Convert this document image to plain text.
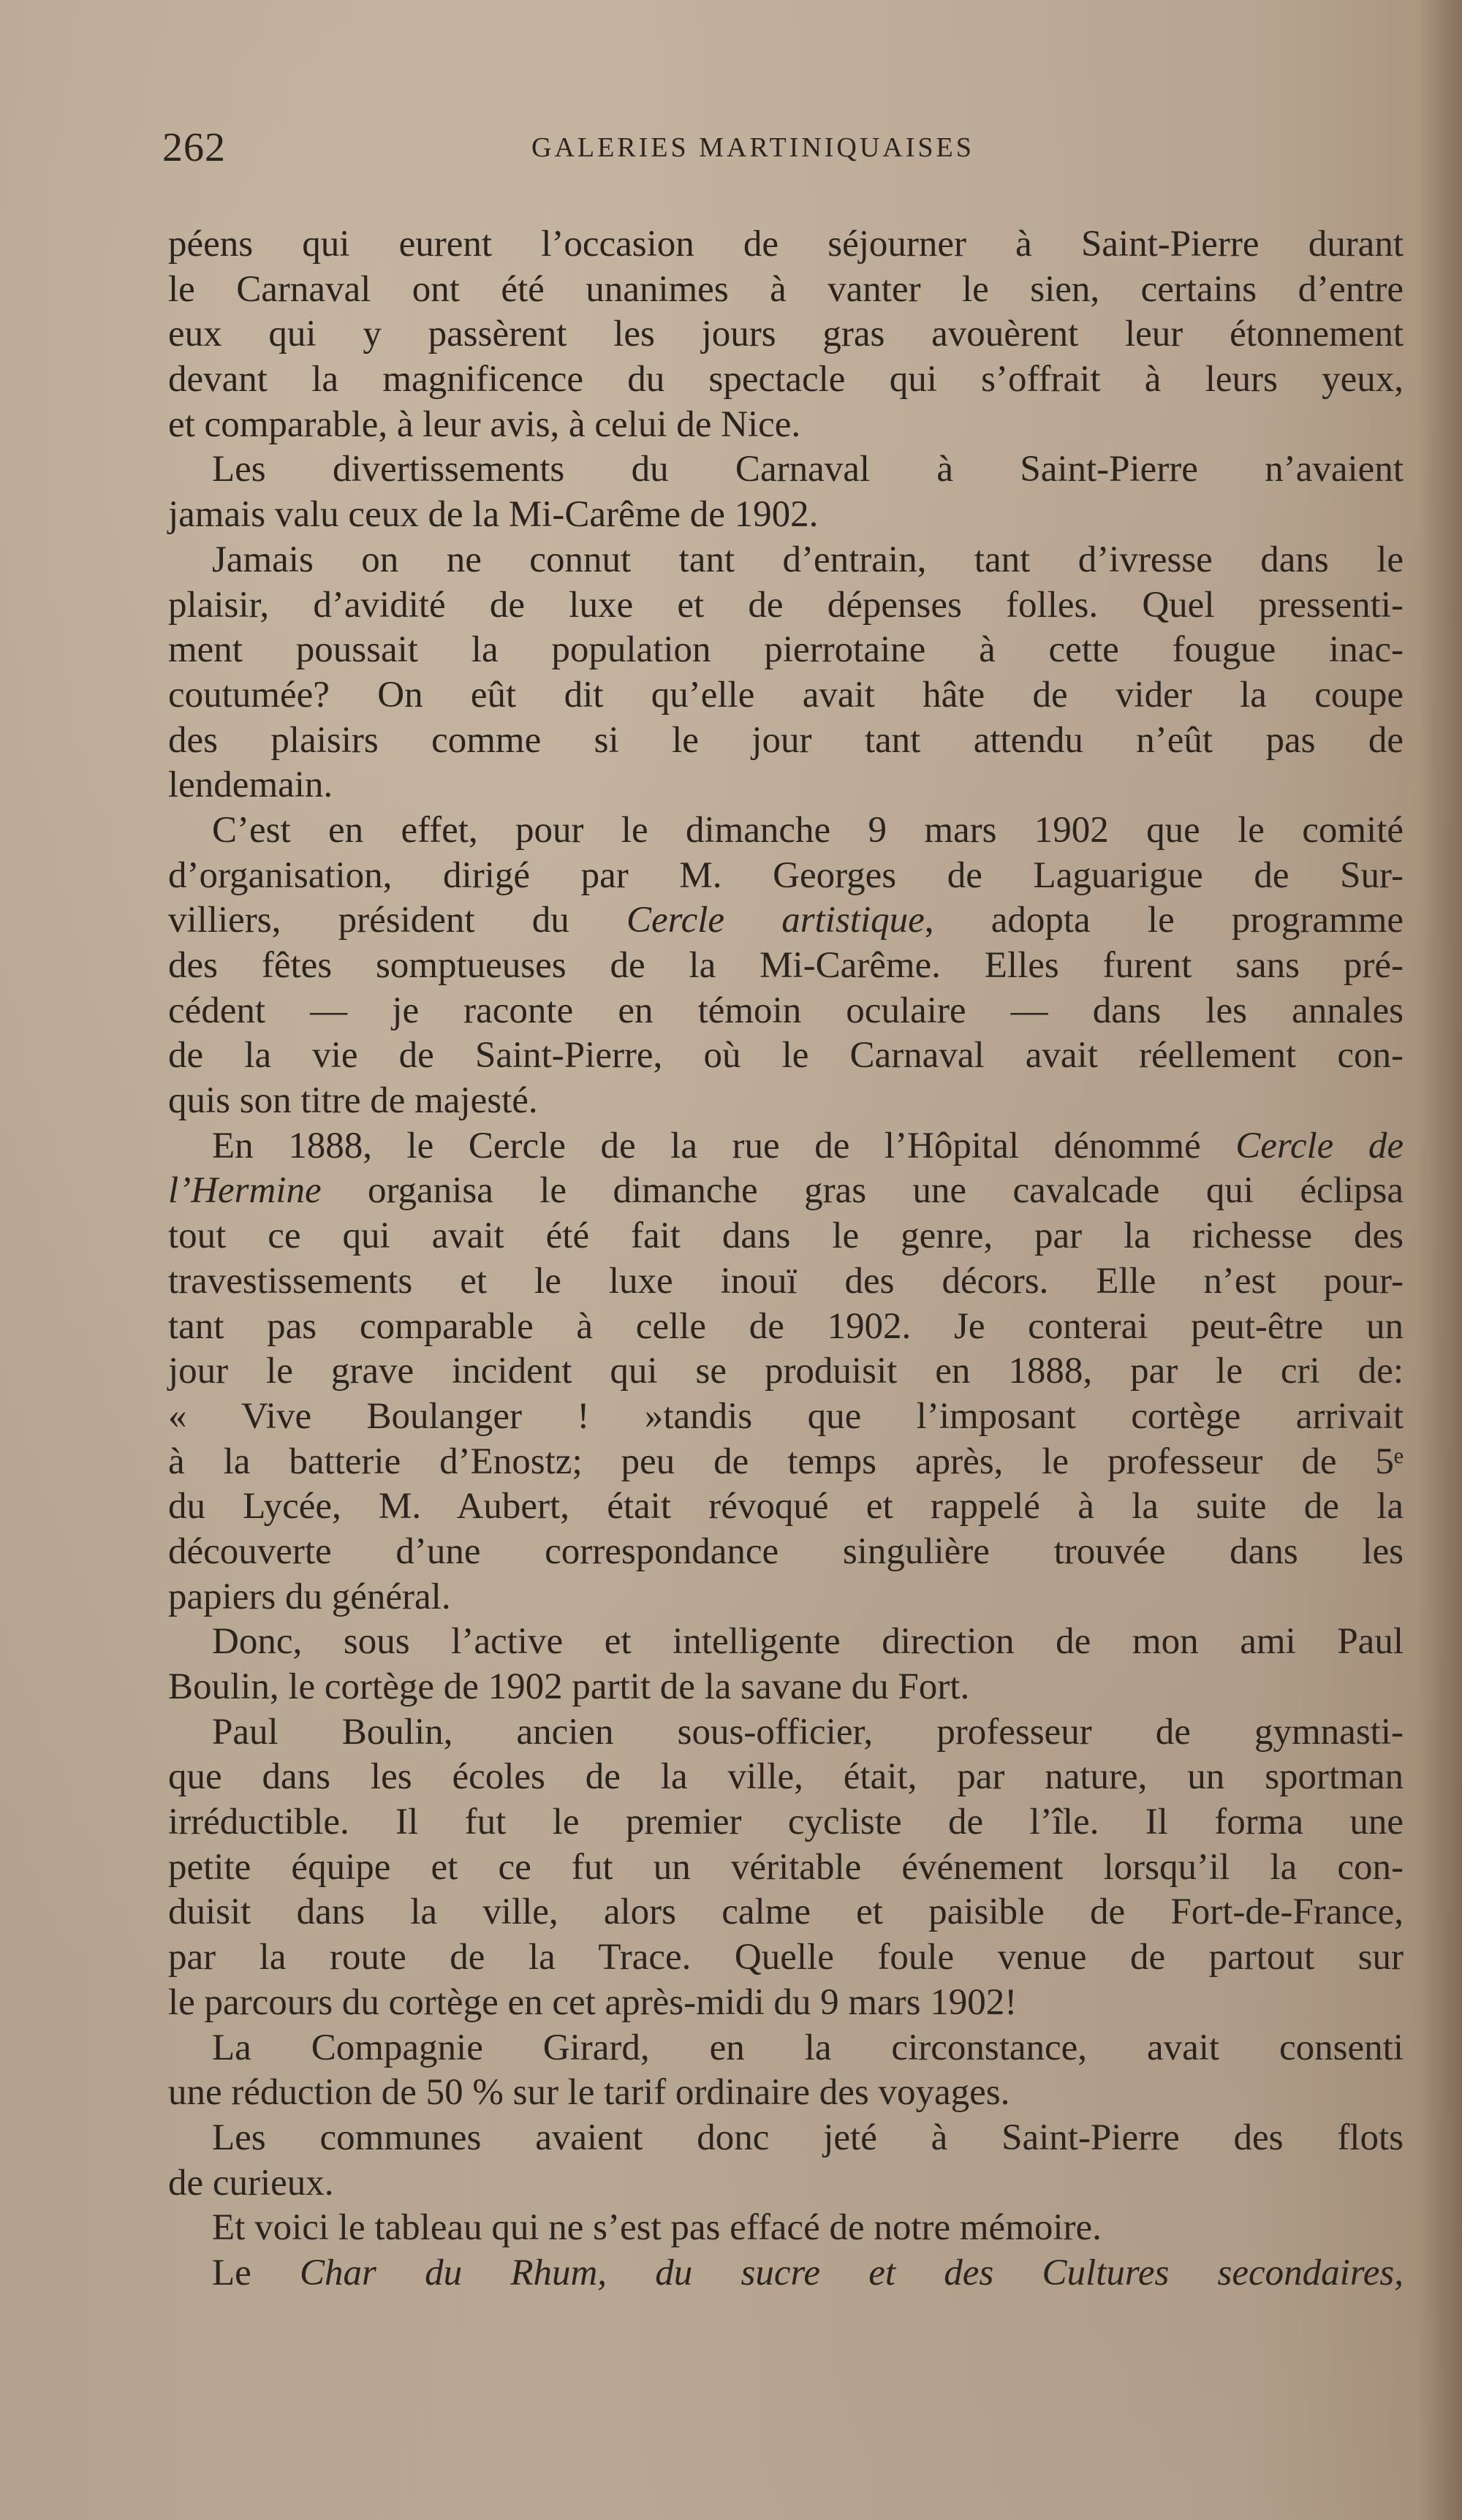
262	GALERIES MARTINIQUAISES
péens qui eurent l’occasion de séjourner à Saint-Pierre durant
le Carnaval ont été unanimes à vanter le sien, certains d’entre
eux qui y passèrent les jours gras avouèrent leur étonnement
devant la magnificence du spectacle qui s’offrait à leurs yeux,
et comparable, à leur avis, à celui de Nice.
Les divertissements du Carnaval à Saint-Pierre n’avaient
jamais valu ceux de la Mi-Carême de 1902.
Jamais on ne connut tant d’entrain, tant d’ivresse dans le
plaisir, d’avidité de luxe et de dépenses folles. Quel pressenti-
ment poussait la population pierrotaine à cette fougue inac-
coutumée? On eût dit qu’elle avait hâte de vider la coupe
des plaisirs comme si le jour tant attendu n’eût pas de
lendemain.
C’est en effet, pour le dimanche 9 mars 1902 que le comité
d’organisation, dirigé par M. Georges de Laguarigue de Sur-
villiers, président du Cercle artistique, adopta le programme
des fêtes somptueuses de la Mi-Carême. Elles furent sans pré-
cédent — je raconte en témoin oculaire — dans les annales
de la vie de Saint-Pierre, où le Carnaval avait réellement con-
quis son titre de majesté.
En 1888, le Cercle de la rue de l’Hôpital dénommé Cercle de
l’Hermine organisa le dimanche gras une cavalcade qui éclipsa
tout ce qui avait été fait dans le genre, par la richesse des
travestissements et le luxe inouï des décors. Elle n’est pour-
tant pas comparable à celle de 1902. Je conterai peut-être un
jour le grave incident qui se produisit en 1888, par le cri de:
« Vive Boulanger ! »tandis que l’imposant cortège arrivait
à la batterie d’Enostz; peu de temps après, le professeur de 5ᵉ
du Lycée, M. Aubert, était révoqué et rappelé à la suite de la
découverte d’une correspondance singulière trouvée dans les
papiers du général.
Donc, sous l’active et intelligente direction de mon ami Paul
Boulin, le cortège de 1902 partit de la savane du Fort.
Paul Boulin, ancien sous-officier, professeur de gymnasti-
que dans les écoles de la ville, était, par nature, un sportman
irréductible. Il fut le premier cycliste de l’île. Il forma une
petite équipe et ce fut un véritable événement lorsqu’il la con-
duisit dans la ville, alors calme et paisible de Fort-de-France,
par la route de la Trace. Quelle foule venue de partout sur
le parcours du cortège en cet après-midi du 9 mars 1902!
La Compagnie Girard, en la circonstance, avait consenti
une réduction de 50 % sur le tarif ordinaire des voyages.
Les communes avaient donc jeté à Saint-Pierre des flots
de curieux.
Et voici le tableau qui ne s’est pas effacé de notre mémoire.
Le Char du Rhum, du sucre et des Cultures secondaires,
